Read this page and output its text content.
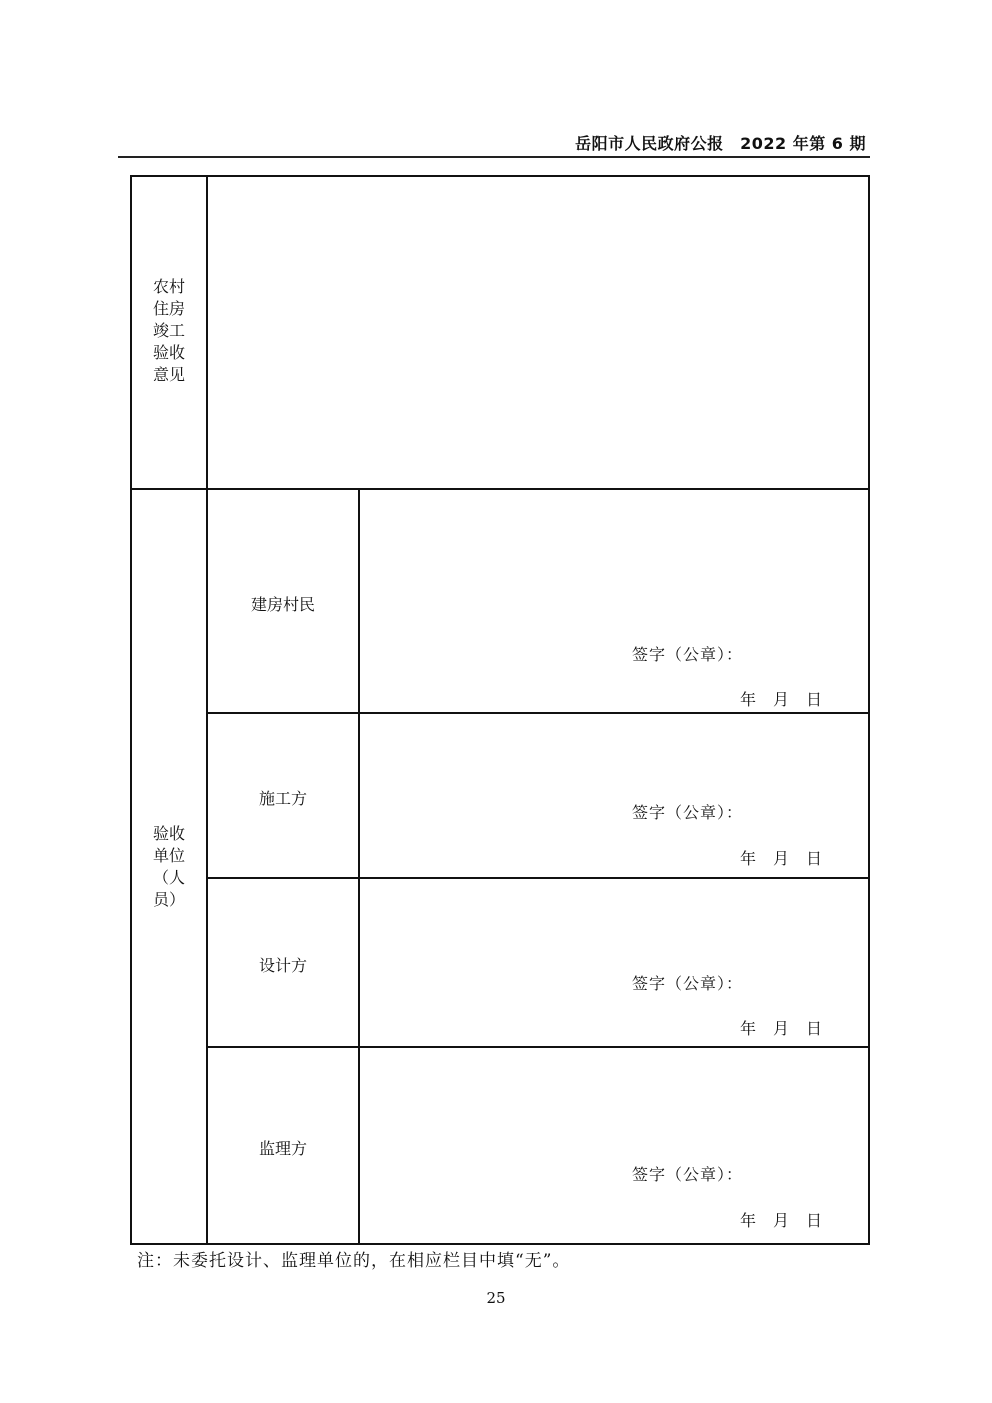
岳阳市人民政府公报　2022 年第 6 期
农村
住房
竣工
验收
意见
验收
单位
（人
员）
建房村民
签字（公章）：
年 月 日
施工方
签字（公章）：
年 月 日
设计方
签字（公章）：
年 月 日
监理方
签字（公章）：
年 月 日
注：未委托设计、监理单位的，在相应栏目中填“无”。
25
